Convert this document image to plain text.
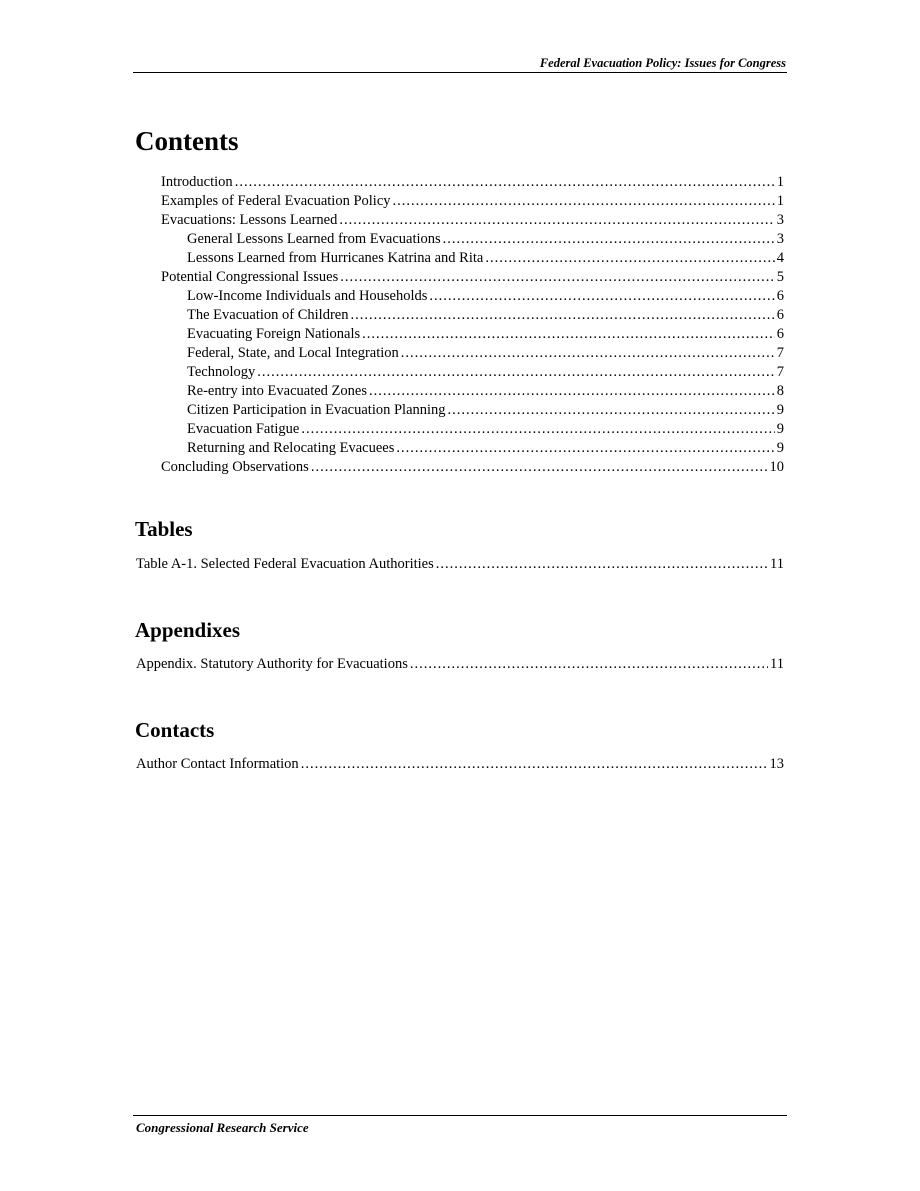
Federal Evacuation Policy: Issues for Congress
Contents
Introduction .....	1
Examples of Federal Evacuation Policy .....	1
Evacuations: Lessons Learned .....	3
General Lessons Learned from Evacuations .....	3
Lessons Learned from Hurricanes Katrina and Rita .....	4
Potential Congressional Issues .....	5
Low-Income Individuals and Households .....	6
The Evacuation of Children .....	6
Evacuating Foreign Nationals .....	6
Federal, State, and Local Integration .....	7
Technology .....	7
Re-entry into Evacuated Zones .....	8
Citizen Participation in Evacuation Planning .....	9
Evacuation Fatigue .....	9
Returning and Relocating Evacuees .....	9
Concluding Observations .....	10
Tables
Table A-1. Selected Federal Evacuation Authorities .....	11
Appendixes
Appendix. Statutory Authority for Evacuations .....	11
Contacts
Author Contact Information .....	13
Congressional Research Service
